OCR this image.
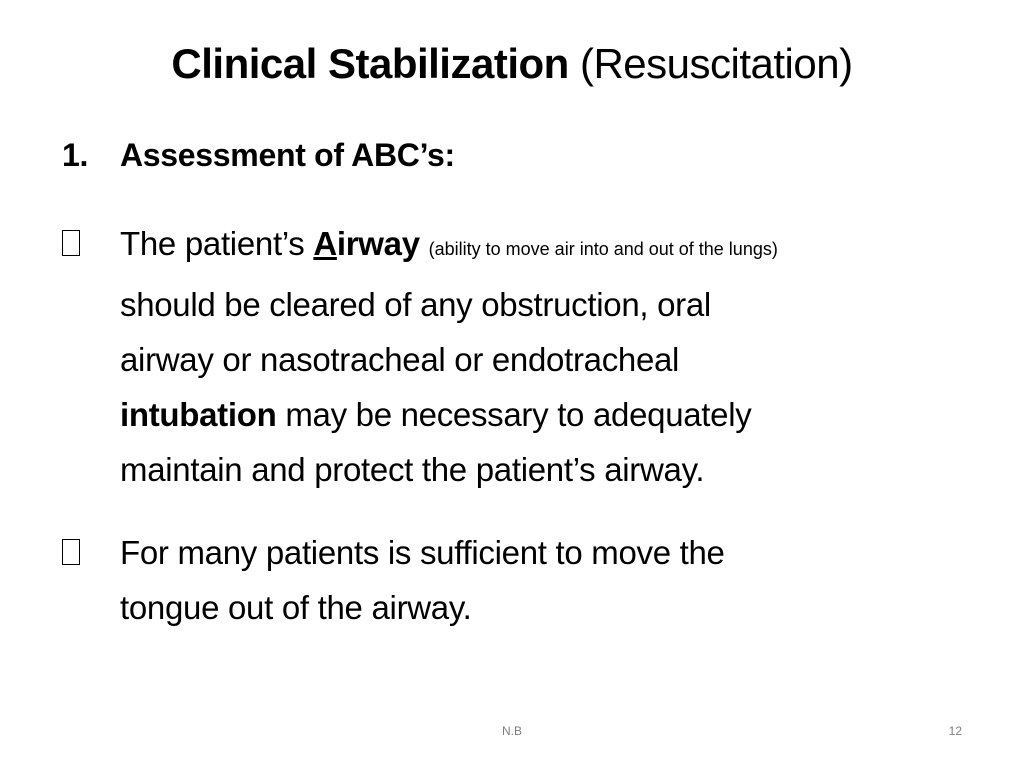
Clinical Stabilization (Resuscitation)
1. Assessment of ABC’s:
The patient’s Airway (ability to move air into and out of the lungs)
should be cleared of any obstruction, oral
airway or nasotracheal or endotracheal
intubation may be necessary to adequately
maintain and protect the patient’s airway.
For many patients is sufficient to move the
tongue out of the airway.
N.B	12
